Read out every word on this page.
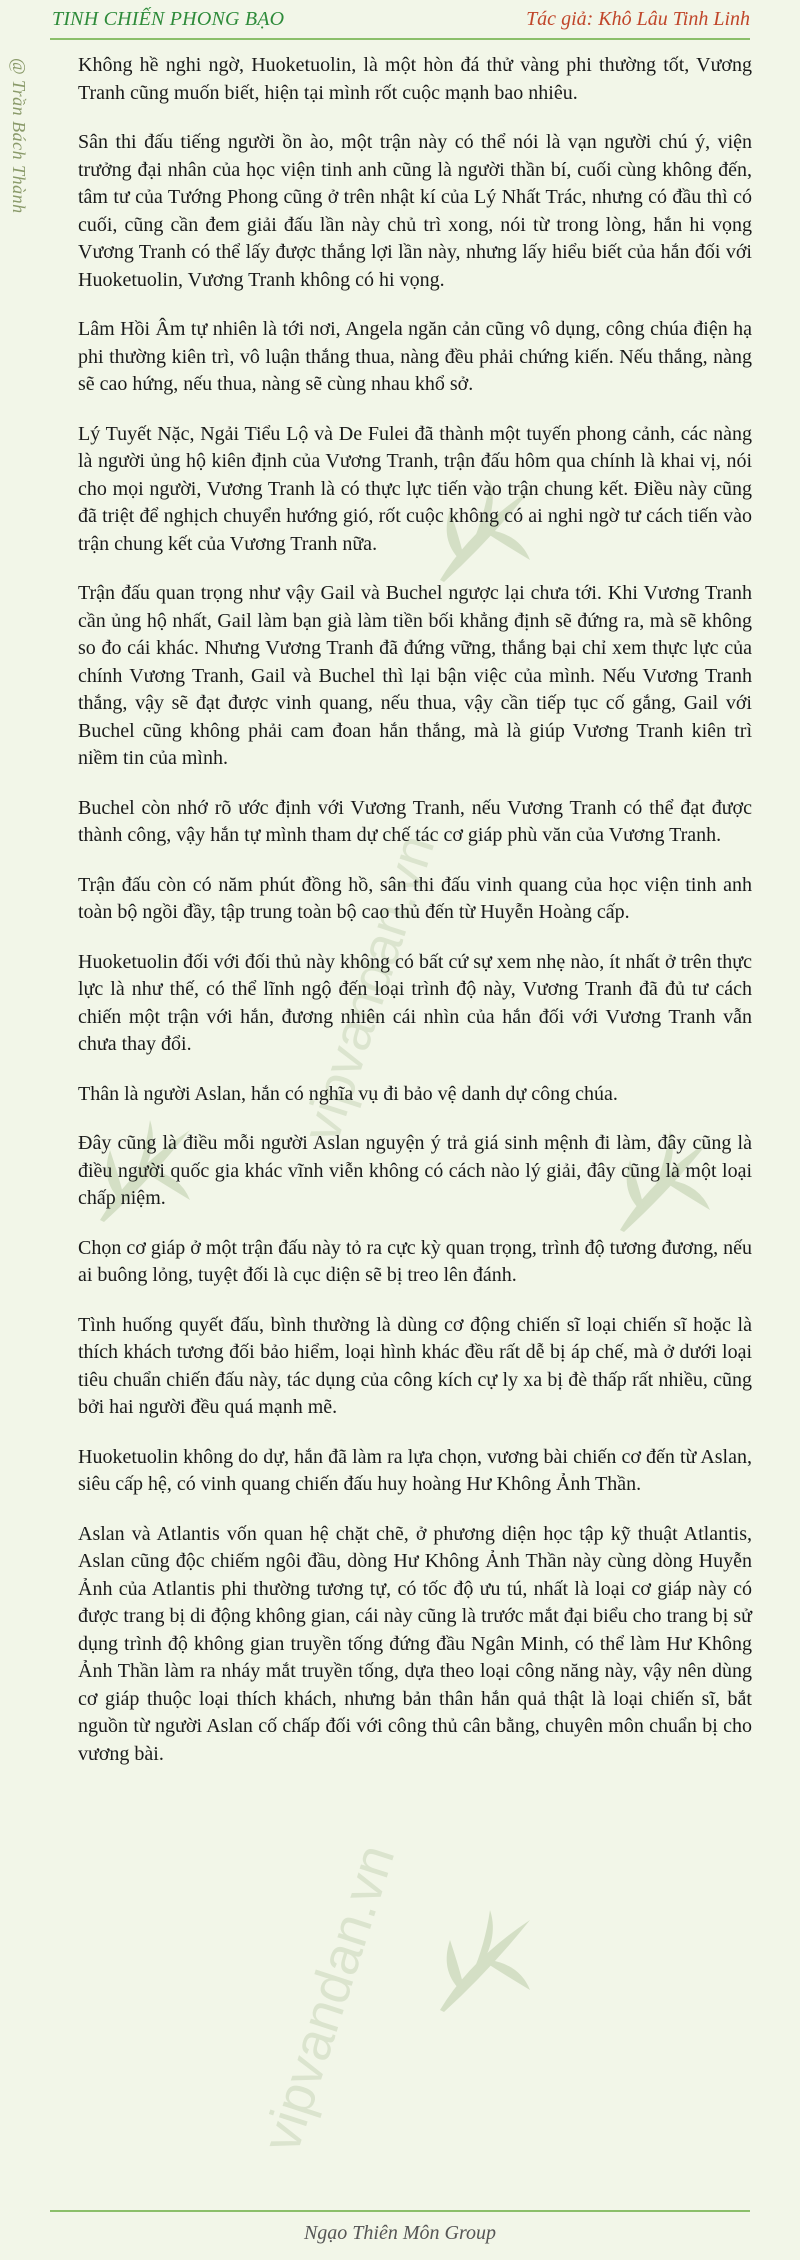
TINH CHIẾN PHONG BẠO	Tác giả: Khô Lâu Tinh Linh
@ Trần Bách Thành
vipvandan.vn
vipvandan.vn

Không hề nghi ngờ, Huoketuolin, là một hòn đá thử vàng phi thường tốt, Vương Tranh cũng muốn biết, hiện tại mình rốt cuộc mạnh bao nhiêu.

Sân thi đấu tiếng người ồn ào, một trận này có thể nói là vạn người chú ý, viện trưởng đại nhân của học viện tinh anh cũng là người thần bí, cuối cùng không đến, tâm tư của Tướng Phong cũng ở trên nhật kí của Lý Nhất Trác, nhưng có đầu thì có cuối, cũng cần đem giải đấu lần này chủ trì xong, nói từ trong lòng, hắn hi vọng Vương Tranh có thể lấy được thắng lợi lần này, nhưng lấy hiểu biết của hắn đối với Huoketuolin, Vương Tranh không có hi vọng.

Lâm Hồi Âm tự nhiên là tới nơi, Angela ngăn cản cũng vô dụng, công chúa điện hạ phi thường kiên trì, vô luận thắng thua, nàng đều phải chứng kiến. Nếu thắng, nàng sẽ cao hứng, nếu thua, nàng sẽ cùng nhau khổ sở.

Lý Tuyết Nặc, Ngải Tiểu Lộ và De Fulei đã thành một tuyến phong cảnh, các nàng là người ủng hộ kiên định của Vương Tranh, trận đấu hôm qua chính là khai vị, nói cho mọi người, Vương Tranh là có thực lực tiến vào trận chung kết. Điều này cũng đã triệt để nghịch chuyển hướng gió, rốt cuộc không có ai nghi ngờ tư cách tiến vào trận chung kết của Vương Tranh nữa.

Trận đấu quan trọng như vậy Gail và Buchel ngược lại chưa tới. Khi Vương Tranh cần ủng hộ nhất, Gail làm bạn già làm tiền bối khẳng định sẽ đứng ra, mà sẽ không so đo cái khác. Nhưng Vương Tranh đã đứng vững, thắng bại chỉ xem thực lực của chính Vương Tranh, Gail và Buchel thì lại bận việc của mình. Nếu Vương Tranh thắng, vậy sẽ đạt được vinh quang, nếu thua, vậy cần tiếp tục cố gắng, Gail với Buchel cũng không phải cam đoan hắn thắng, mà là giúp Vương Tranh kiên trì niềm tin của mình.

Buchel còn nhớ rõ ước định với Vương Tranh, nếu Vương Tranh có thể đạt được thành công, vậy hắn tự mình tham dự chế tác cơ giáp phù văn của Vương Tranh.

Trận đấu còn có năm phút đồng hồ, sân thi đấu vinh quang của học viện tinh anh toàn bộ ngồi đầy, tập trung toàn bộ cao thủ đến từ Huyễn Hoàng cấp.

Huoketuolin đối với đối thủ này không có bất cứ sự xem nhẹ nào, ít nhất ở trên thực lực là như thế, có thể lĩnh ngộ đến loại trình độ này, Vương Tranh đã đủ tư cách chiến một trận với hắn, đương nhiên cái nhìn của hắn đối với Vương Tranh vẫn chưa thay đổi.

Thân là người Aslan, hắn có nghĩa vụ đi bảo vệ danh dự công chúa.

Đây cũng là điều mỗi người Aslan nguyện ý trả giá sinh mệnh đi làm, đây cũng là điều người quốc gia khác vĩnh viễn không có cách nào lý giải, đây cũng là một loại chấp niệm.

Chọn cơ giáp ở một trận đấu này tỏ ra cực kỳ quan trọng, trình độ tương đương, nếu ai buông lỏng, tuyệt đối là cục diện sẽ bị treo lên đánh.

Tình huống quyết đấu, bình thường là dùng cơ động chiến sĩ loại chiến sĩ hoặc là thích khách tương đối bảo hiểm, loại hình khác đều rất dễ bị áp chế, mà ở dưới loại tiêu chuẩn chiến đấu này, tác dụng của công kích cự ly xa bị đè thấp rất nhiều, cũng bởi hai người đều quá mạnh mẽ.

Huoketuolin không do dự, hắn đã làm ra lựa chọn, vương bài chiến cơ đến từ Aslan, siêu cấp hệ, có vinh quang chiến đấu huy hoàng Hư Không Ảnh Thần.

Aslan và Atlantis vốn quan hệ chặt chẽ, ở phương diện học tập kỹ thuật Atlantis, Aslan cũng độc chiếm ngôi đầu, dòng Hư Không Ảnh Thần này cùng dòng Huyễn Ảnh của Atlantis phi thường tương tự, có tốc độ ưu tú, nhất là loại cơ giáp này có được trang bị di động không gian, cái này cũng là trước mắt đại biểu cho trang bị sử dụng trình độ không gian truyền tống đứng đầu Ngân Minh, có thể làm Hư Không Ảnh Thần làm ra nháy mắt truyền tống, dựa theo loại công năng này, vậy nên dùng cơ giáp thuộc loại thích khách, nhưng bản thân hắn quả thật là loại chiến sĩ, bắt nguồn từ người Aslan cố chấp đối với công thủ cân bằng, chuyên môn chuẩn bị cho vương bài.

Ngạo Thiên Môn Group
